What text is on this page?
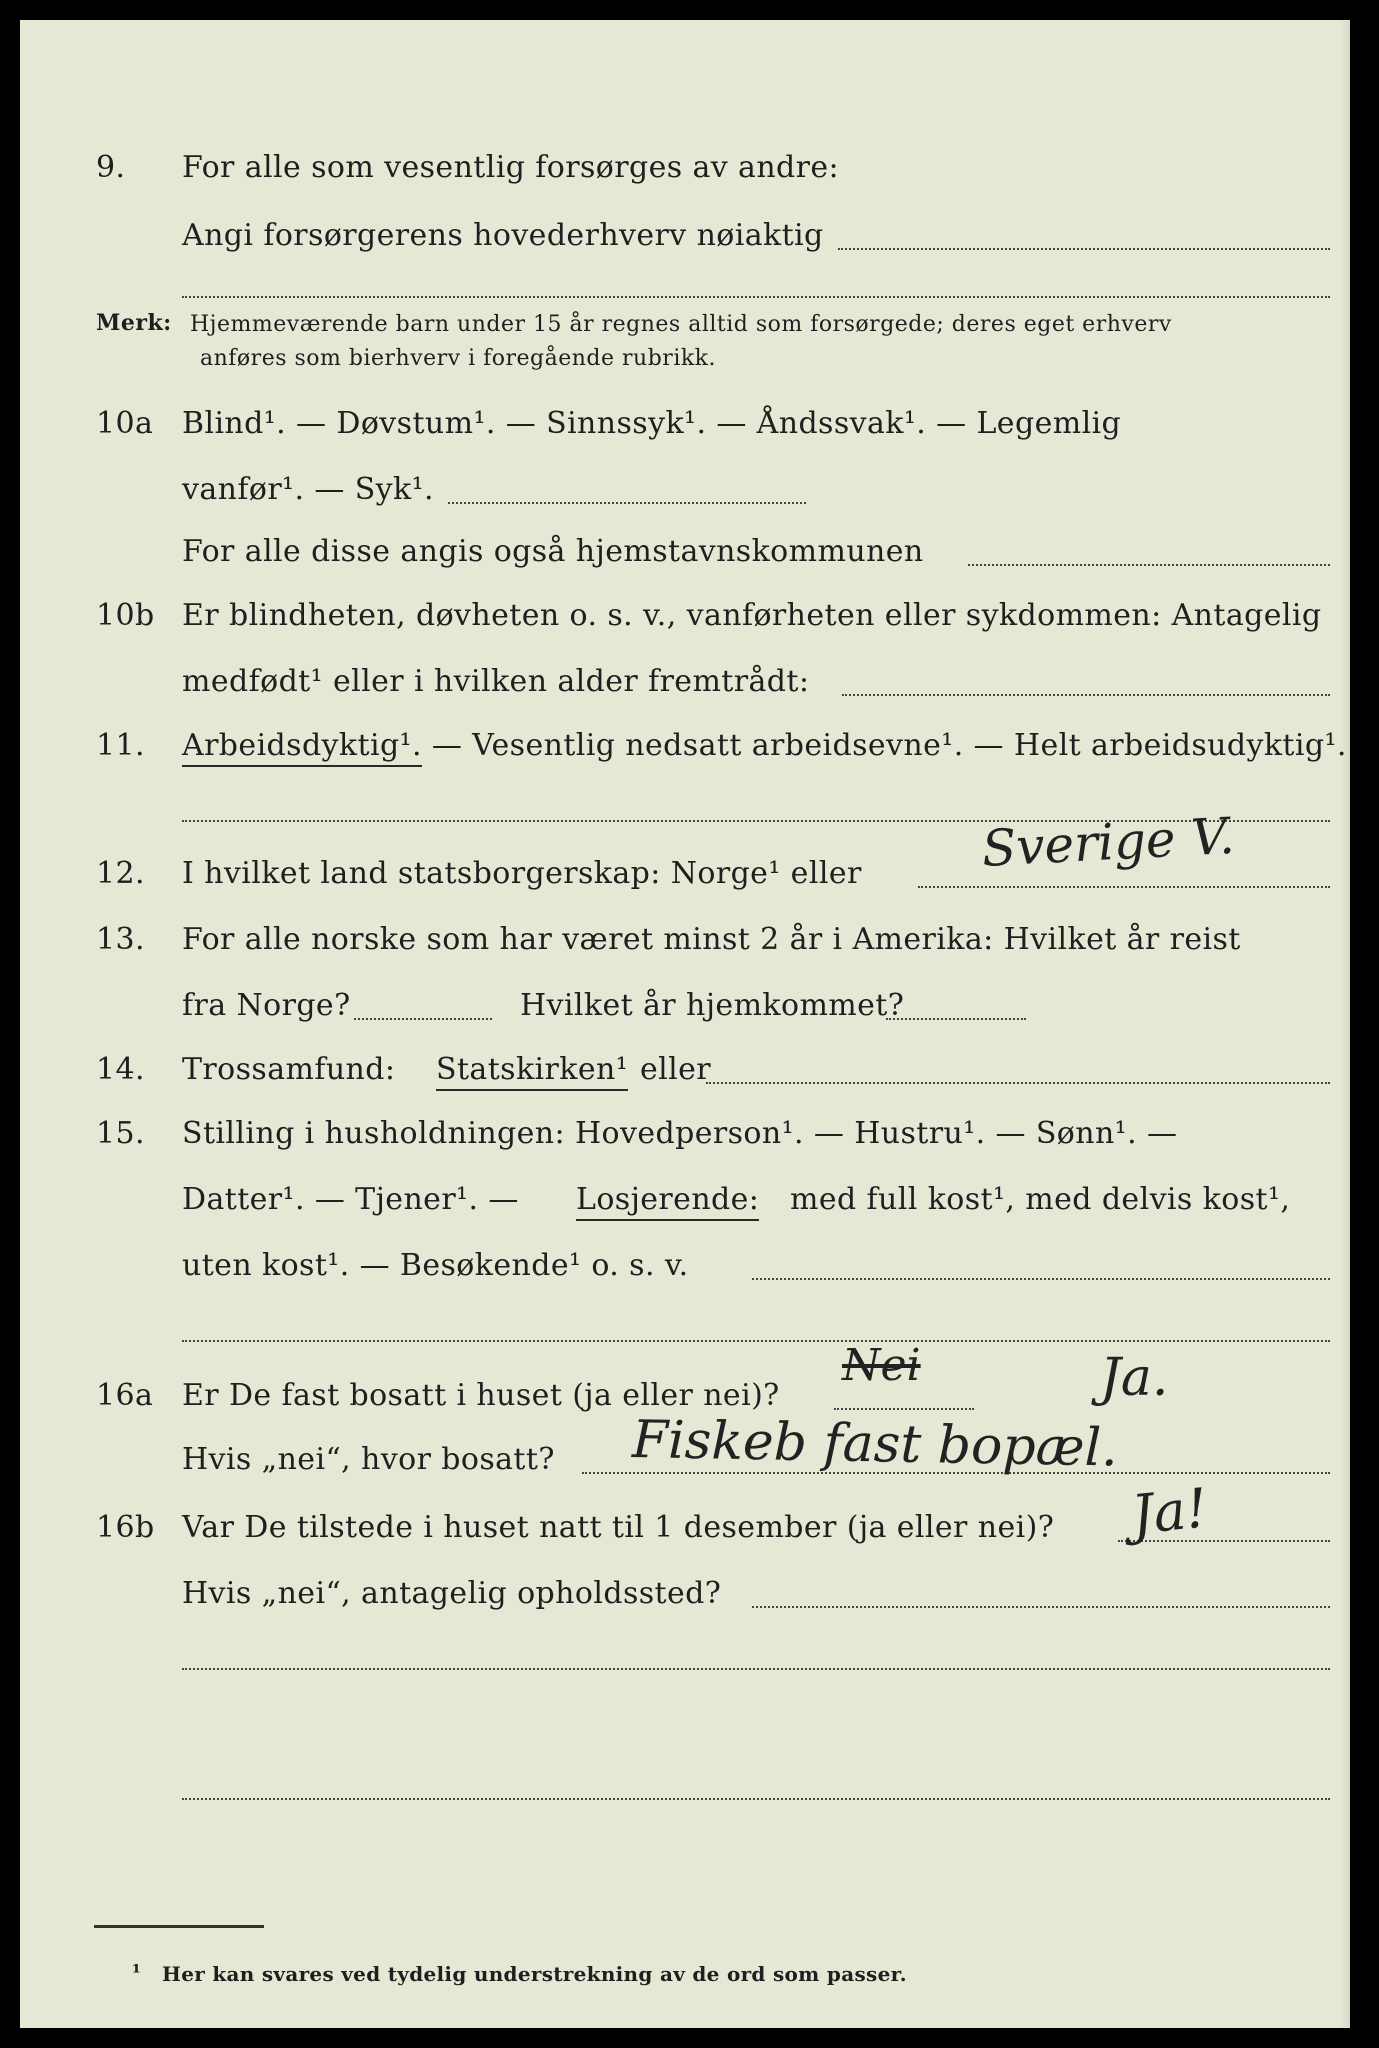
9.	For alle som vesentlig forsørges av andre:
Angi forsørgerens hovederhverv nøiaktig
Merk: Hjemmeværende barn under 15 år regnes alltid som forsørgede; deres eget erhverv
anføres som bierhverv i foregående rubrikk.
10a Blind¹. — Døvstum¹. — Sinnssyk¹. — Åndssvak¹. — Legemlig
vanfør¹. — Syk¹.
For alle disse angis også hjemstavnskommunen
10b Er blindheten, døvheten o. s. v., vanførheten eller sykdommen: Antagelig
medfødt¹ eller i hvilken alder fremtrådt:
11.	Arbeidsdyktig¹. — Vesentlig nedsatt arbeidsevne¹. — Helt arbeidsudyktig¹.
12.	I hvilket land statsborgerskap: Norge¹ eller Sverige V.
13.	For alle norske som har været minst 2 år i Amerika: Hvilket år reist
fra Norge?	Hvilket år hjemkommet?
14.	Trossamfund: Statskirken¹ eller
15.	Stilling i husholdningen: Hovedperson¹. — Hustru¹. — Sønn¹. —
Datter¹. — Tjener¹. — Losjerende: med full kost¹, med delvis kost¹,
uten kost¹. — Besøkende¹ o. s. v.
16a Er De fast bosatt i huset (ja eller nei)?
Nei	Ja.
Hvis „nei“, hvor bosatt? Fiskeb fast bopæl.
16b Var De tilstede i huset natt til 1 desember (ja eller nei)? Ja!
Hvis „nei“, antagelig opholdssted?
¹ Her kan svares ved tydelig understrekning av de ord som passer.
